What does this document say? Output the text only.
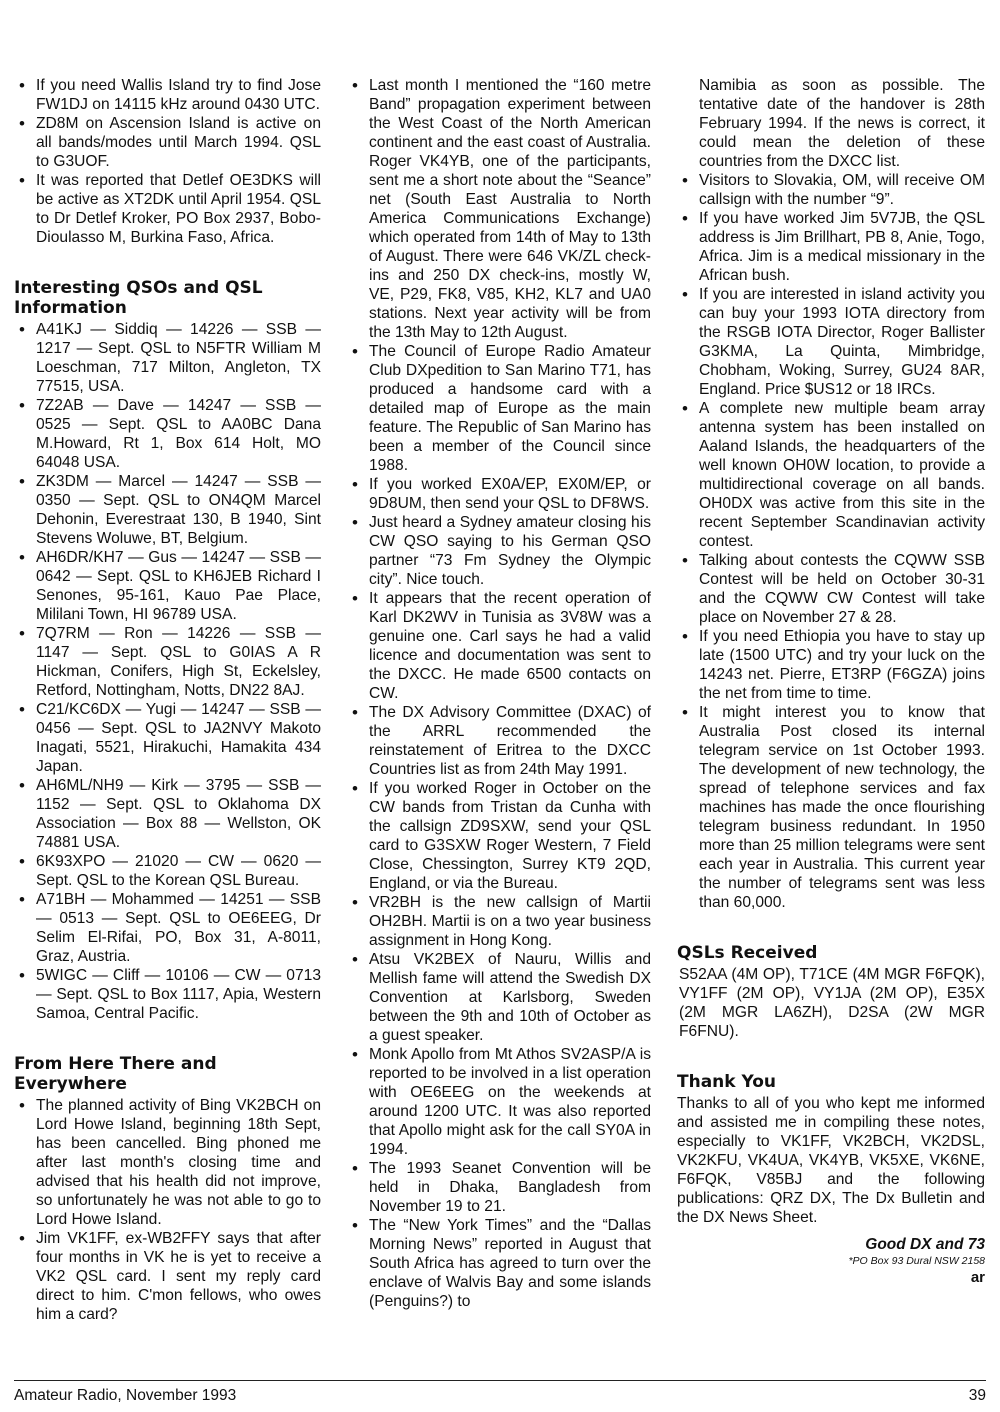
• If you need Wallis Island try to find Jose FW1DJ on 14115 kHz around 0430 UTC.
• ZD8M on Ascension Island is active on all bands/modes until March 1994. QSL to G3UOF.
• It was reported that Detlef OE3DKS will be active as XT2DK until April 1954. QSL to Dr Detlef Kroker, PO Box 2937, Bobo-Dioulasso M, Burkina Faso, Africa.
Interesting QSOs and QSL Information
• A41KJ — Siddiq — 14226 — SSB — 1217 — Sept. QSL to N5FTR William M Loeschman, 717 Milton, Angleton, TX 77515, USA.
• 7Z2AB — Dave — 14247 — SSB — 0525 — Sept. QSL to AA0BC Dana M.Howard, Rt 1, Box 614 Holt, MO 64048 USA.
• ZK3DM — Marcel — 14247 — SSB — 0350 — Sept. QSL to ON4QM Marcel Dehonin, Everestraat 130, B 1940, Sint Stevens Woluwe, BT, Belgium.
• AH6DR/KH7 — Gus — 14247 — SSB — 0642 — Sept. QSL to KH6JEB Richard I Senones, 95-161, Kauo Pae Place, Mililani Town, HI 96789 USA.
• 7Q7RM — Ron — 14226 — SSB — 1147 — Sept. QSL to G0IAS A R Hickman, Conifers, High St, Eckelsley, Retford, Nottingham, Notts, DN22 8AJ.
• C21/KC6DX — Yugi — 14247 — SSB — 0456 — Sept. QSL to JA2NVY Makoto Inagati, 5521, Hirakuchi, Hamakita 434 Japan.
• AH6ML/NH9 — Kirk — 3795 — SSB — 1152 — Sept. QSL to Oklahoma DX Association — Box 88 — Wellston, OK 74881 USA.
• 6K93XPO — 21020 — CW — 0620 — Sept. QSL to the Korean QSL Bureau.
• A71BH — Mohammed — 14251 — SSB — 0513 — Sept. QSL to OE6EEG, Dr Selim El-Rifai, PO, Box 31, A-8011, Graz, Austria.
• 5WIGC — Cliff — 10106 — CW — 0713 — Sept. QSL to Box 1117, Apia, Western Samoa, Central Pacific.
From Here There and Everywhere
• The planned activity of Bing VK2BCH on Lord Howe Island, beginning 18th Sept, has been cancelled. Bing phoned me after last month's closing time and advised that his health did not improve, so unfortunately he was not able to go to Lord Howe Island.
• Jim VK1FF, ex-WB2FFY says that after four months in VK he is yet to receive a VK2 QSL card. I sent my reply card direct to him. C'mon fellows, who owes him a card?
• Last month I mentioned the “160 metre Band” propagation experiment between the West Coast of the North American continent and the east coast of Australia. Roger VK4YB, one of the participants, sent me a short note about the “Seance” net (South East Australia to North America Communications Exchange) which operated from 14th of May to 13th of August. There were 646 VK/ZL check-ins and 250 DX check-ins, mostly W, VE, P29, FK8, V85, KH2, KL7 and UA0 stations. Next year activity will be from the 13th May to 12th August.
• The Council of Europe Radio Amateur Club DXpedition to San Marino T71, has produced a handsome card with a detailed map of Europe as the main feature. The Republic of San Marino has been a member of the Council since 1988.
• If you worked EX0A/EP, EX0M/EP, or 9D8UM, then send your QSL to DF8WS.
• Just heard a Sydney amateur closing his CW QSO saying to his German QSO partner “73 Fm Sydney the Olympic city”. Nice touch.
• It appears that the recent operation of Karl DK2WV in Tunisia as 3V8W was a genuine one. Carl says he had a valid licence and documentation was sent to the DXCC. He made 6500 contacts on CW.
• The DX Advisory Committee (DXAC) of the ARRL recommended the reinstatement of Eritrea to the DXCC Countries list as from 24th May 1991.
• If you worked Roger in October on the CW bands from Tristan da Cunha with the callsign ZD9SXW, send your QSL card to G3SXW Roger Western, 7 Field Close, Chessington, Surrey KT9 2QD, England, or via the Bureau.
• VR2BH is the new callsign of Martii OH2BH. Martii is on a two year business assignment in Hong Kong.
• Atsu VK2BEX of Nauru, Willis and Mellish fame will attend the Swedish DX Convention at Karlsborg, Sweden between the 9th and 10th of October as a guest speaker.
• Monk Apollo from Mt Athos SV2ASP/A is reported to be involved in a list operation with OE6EEG on the weekends at around 1200 UTC. It was also reported that Apollo might ask for the call SY0A in 1994.
• The 1993 Seanet Convention will be held in Dhaka, Bangladesh from November 19 to 21.
• The “New York Times” and the “Dallas Morning News” reported in August that South Africa has agreed to turn over the enclave of Walvis Bay and some islands (Penguins?) to

Namibia as soon as possible. The tentative date of the handover is 28th February 1994. If the news is correct, it could mean the deletion of these countries from the DXCC list.

• Visitors to Slovakia, OM, will receive OM callsign with the number “9”.
• If you have worked Jim 5V7JB, the QSL address is Jim Brillhart, PB 8, Anie, Togo, Africa. Jim is a medical missionary in the African bush.
• If you are interested in island activity you can buy your 1993 IOTA directory from the RSGB IOTA Director, Roger Ballister G3KMA, La Quinta, Mimbridge, Chobham, Woking, Surrey, GU24 8AR, England. Price $US12 or 18 IRCs.
• A complete new multiple beam array antenna system has been installed on Aaland Islands, the headquarters of the well known OH0W location, to provide a multidirectional coverage on all bands. OH0DX was active from this site in the recent September Scandinavian activity contest.
• Talking about contests the CQWW SSB Contest will be held on October 30-31 and the CQWW CW Contest will take place on November 27 & 28.
• If you need Ethiopia you have to stay up late (1500 UTC) and try your luck on the 14243 net. Pierre, ET3RP (F6GZA) joins the net from time to time.
• It might interest you to know that Australia Post closed its internal telegram service on 1st October 1993. The development of new technology, the spread of telephone services and fax machines has made the once flourishing telegram business redundant. In 1950 more than 25 million telegrams were sent each year in Australia. This current year the number of telegrams sent was less than 60,000.
QSLs Received

S52AA (4M OP), T71CE (4M MGR F6FQK), VY1FF (2M OP), VY1JA (2M OP), E35X (2M MGR LA6ZH), D2SA (2W MGR F6FNU).

Thank You

Thanks to all of you who kept me informed and assisted me in compiling these notes, especially to VK1FF, VK2BCH, VK2DSL, VK2KFU, VK4UA, VK4YB, VK5XE, VK6NE, F6FQK, V85BJ and the following publications: QRZ DX, The Dx Bulletin and the DX News Sheet.

Good DX and 73
*PO Box 93 Dural NSW 2158
ar
Amateur Radio, November 1993	39
